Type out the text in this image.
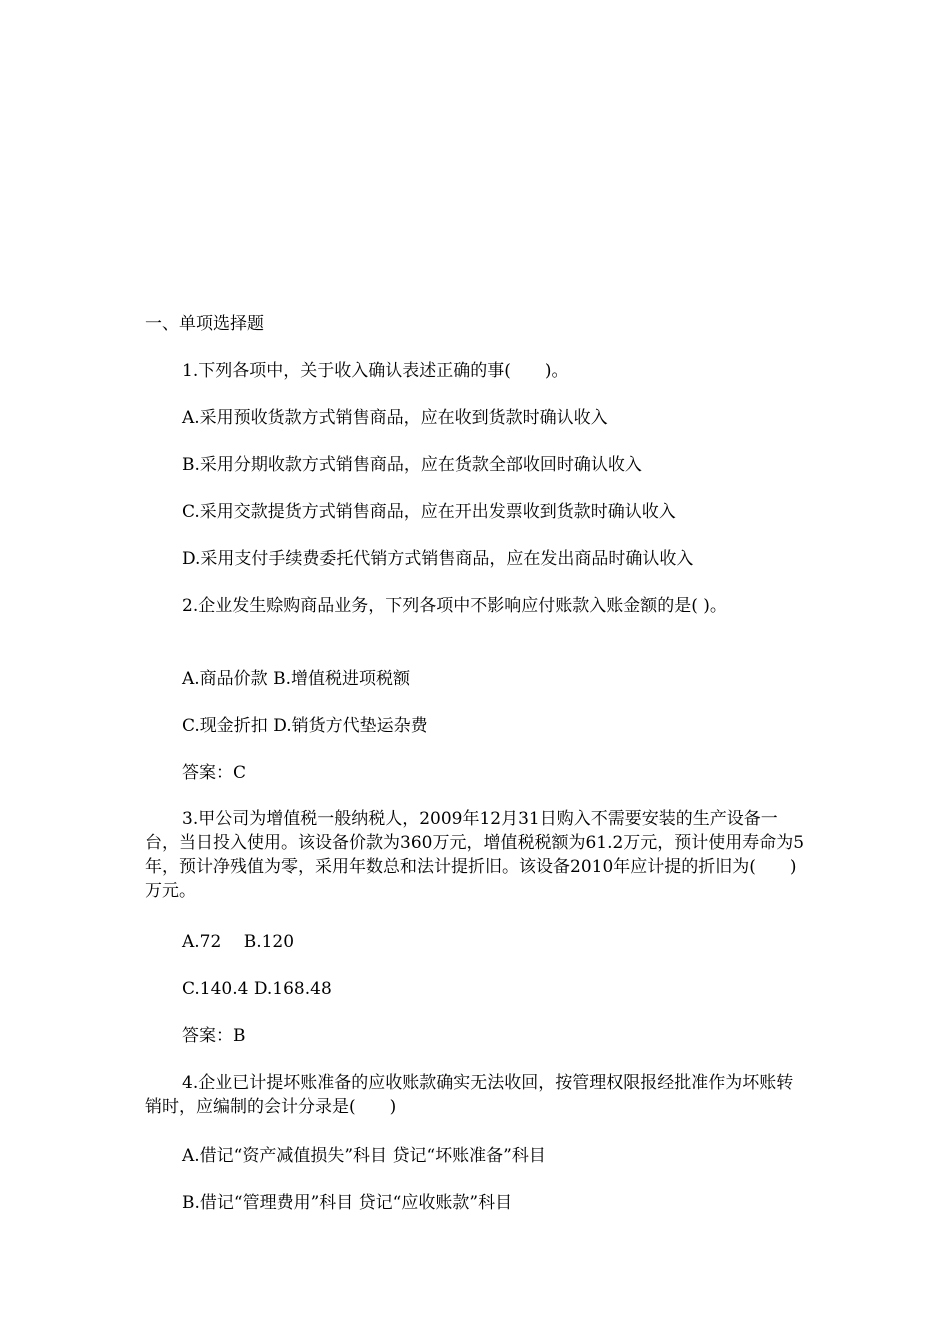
一、单项选择题
1.下列各项中，关于收入确认表述正确的事(　　)。
A.采用预收货款方式销售商品，应在收到货款时确认收入
B.采用分期收款方式销售商品，应在货款全部收回时确认收入
C.采用交款提货方式销售商品，应在开出发票收到货款时确认收入
D.采用支付手续费委托代销方式销售商品，应在发出商品时确认收入
2.企业发生赊购商品业务，下列各项中不影响应付账款入账金额的是( )。
A.商品价款 B.增值税进项税额
C.现金折扣 D.销货方代垫运杂费
答案：C
3.甲公司为增值税一般纳税人，2009年12月31日购入不需要安装的生产设备一台，当日投入使用。该设备价款为360万元，增值税税额为61.2万元，预计使用寿命为5年，预计净残值为零，采用年数总和法计提折旧。该设备2010年应计提的折旧为(　　)万元。
A.72　 B.120
C.140.4 D.168.48
答案：B
4.企业已计提坏账准备的应收账款确实无法收回，按管理权限报经批准作为坏账转销时，应编制的会计分录是(　　)
A.借记“资产减值损失”科目 贷记“坏账准备”科目
B.借记“管理费用”科目 贷记“应收账款”科目
